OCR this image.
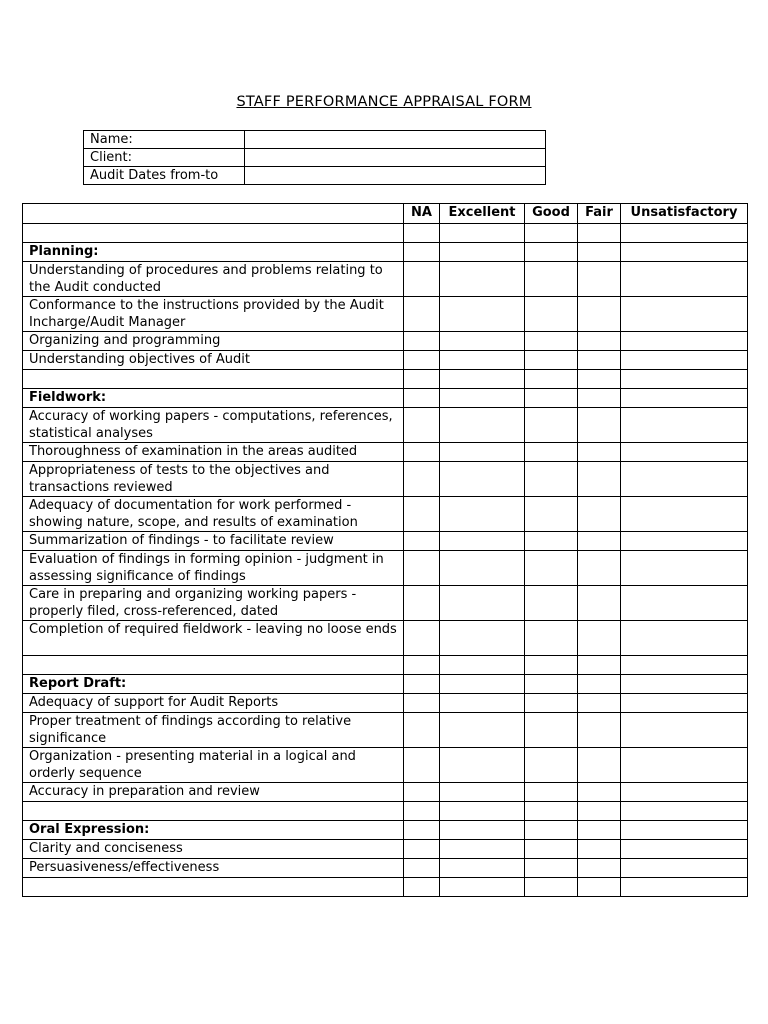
STAFF PERFORMANCE APPRAISAL FORM
Name:	
Client:	
Audit Dates from-to	
	NA	Excellent	Good	Fair	Unsatisfactory

Planning:					
Understanding of procedures and problems relating to the Audit conducted					
Conformance to the instructions provided by the Audit Incharge/Audit Manager					
Organizing and programming					
Understanding objectives of Audit					

Fieldwork:					
Accuracy of working papers - computations, references, statistical analyses					
Thoroughness of examination in the areas audited					
Appropriateness of tests to the objectives and transactions reviewed					
Adequacy of documentation for work performed - showing nature, scope, and results of examination					
Summarization of findings - to facilitate review					
Evaluation of findings in forming opinion - judgment in assessing significance of findings					
Care in preparing and organizing working papers - properly filed, cross-referenced, dated					
Completion of required fieldwork - leaving no loose ends					

Report Draft:					
Adequacy of support for Audit Reports					
Proper treatment of findings according to relative significance					
Organization - presenting material in a logical and orderly sequence					
Accuracy in preparation and review					

Oral Expression:					
Clarity and conciseness					
Persuasiveness/effectiveness					
